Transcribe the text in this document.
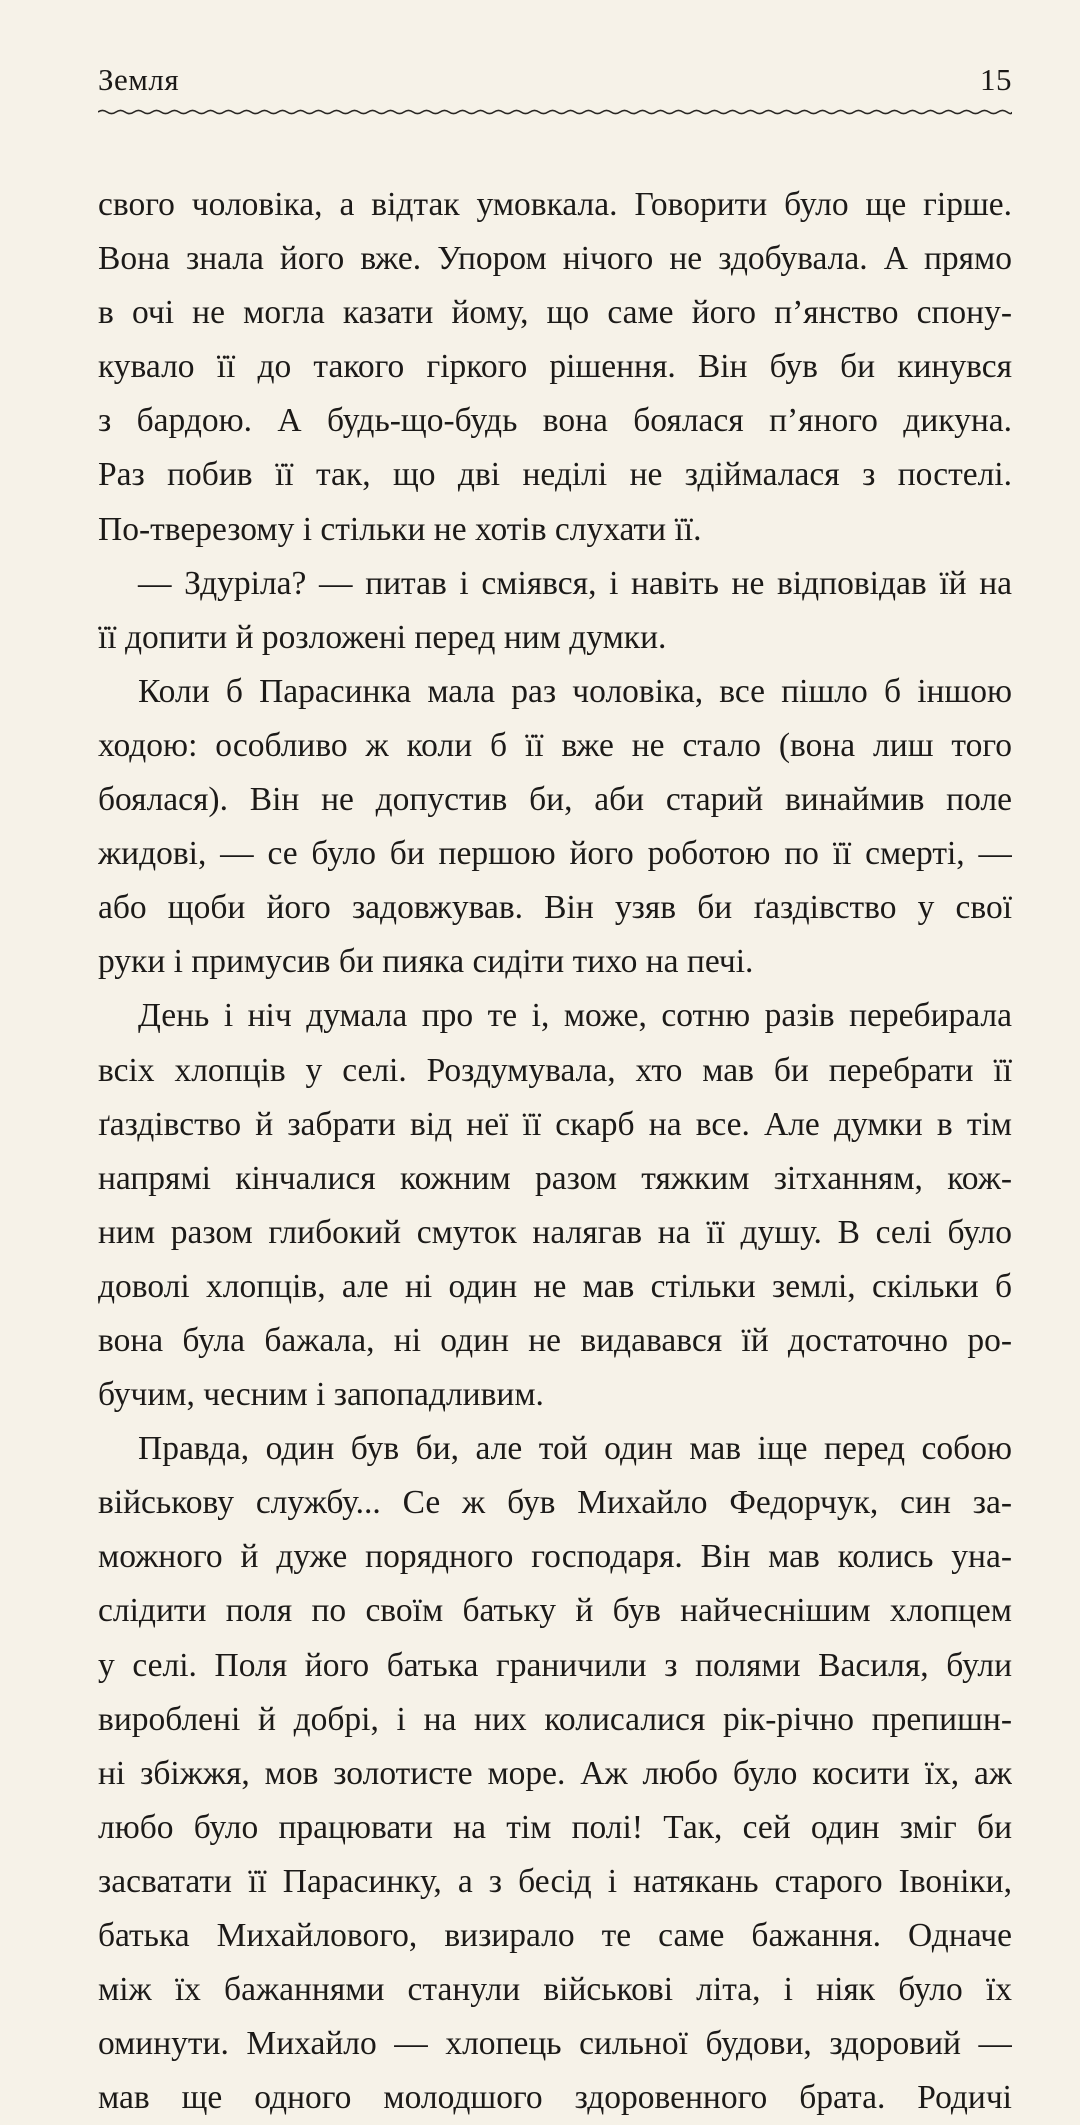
Земля	15
свого чоловіка, а відтак умовкала. Говорити було ще гірше.
Вона знала його вже. Упором нічого не здобувала. А прямо
в очі не могла казати йому, що саме його п’янство спону-
кувало її до такого гіркого рішення. Він був би кинувся
з бардою. А будь-що-будь вона боялася п’яного дикуна.
Раз побив її так, що дві неділі не здіймалася з постелі.
По-тверезому і стільки не хотів слухати її.
— Здуріла? — питав і сміявся, і навіть не відповідав їй на
її допити й розложені перед ним думки.
Коли б Парасинка мала раз чоловіка, все пішло б іншою
ходою: особливо ж коли б її вже не стало (вона лиш того
боялася). Він не допустив би, аби старий винаймив поле
жидові, — се було би першою його роботою по її смерті, —
або щоби його задовжував. Він узяв би ґаздівство у свої
руки і примусив би пияка сидіти тихо на печі.
День і ніч думала про те і, може, сотню разів перебирала
всіх хлопців у селі. Роздумувала, хто мав би перебрати її
ґаздівство й забрати від неї її скарб на все. Але думки в тім
напрямі кінчалися кожним разом тяжким зітханням, кож-
ним разом глибокий смуток налягав на її душу. В селі було
доволі хлопців, але ні один не мав стільки землі, скільки б
вона була бажала, ні один не видавався їй достаточно ро-
бучим, чесним і запопадливим.
Правда, один був би, але той один мав іще перед собою
військову службу... Се ж був Михайло Федорчук, син за-
можного й дуже порядного господаря. Він мав колись уна-
слідити поля по своїм батьку й був найчеснішим хлопцем
у селі. Поля його батька граничили з полями Василя, були
вироблені й добрі, і на них колисалися рік-річно препишн-
ні збіжжя, мов золотисте море. Аж любо було косити їх, аж
любо було працювати на тім полі! Так, сей один зміг би
засватати її Парасинку, а з бесід і натякань старого Івоніки,
батька Михайлового, визирало те саме бажання. Одначе
між їх бажаннями станули військові літа, і ніяк було їх
оминути. Михайло — хлопець сильної будови, здоровий —
мав ще одного молодшого здоровенного брата. Родичі
